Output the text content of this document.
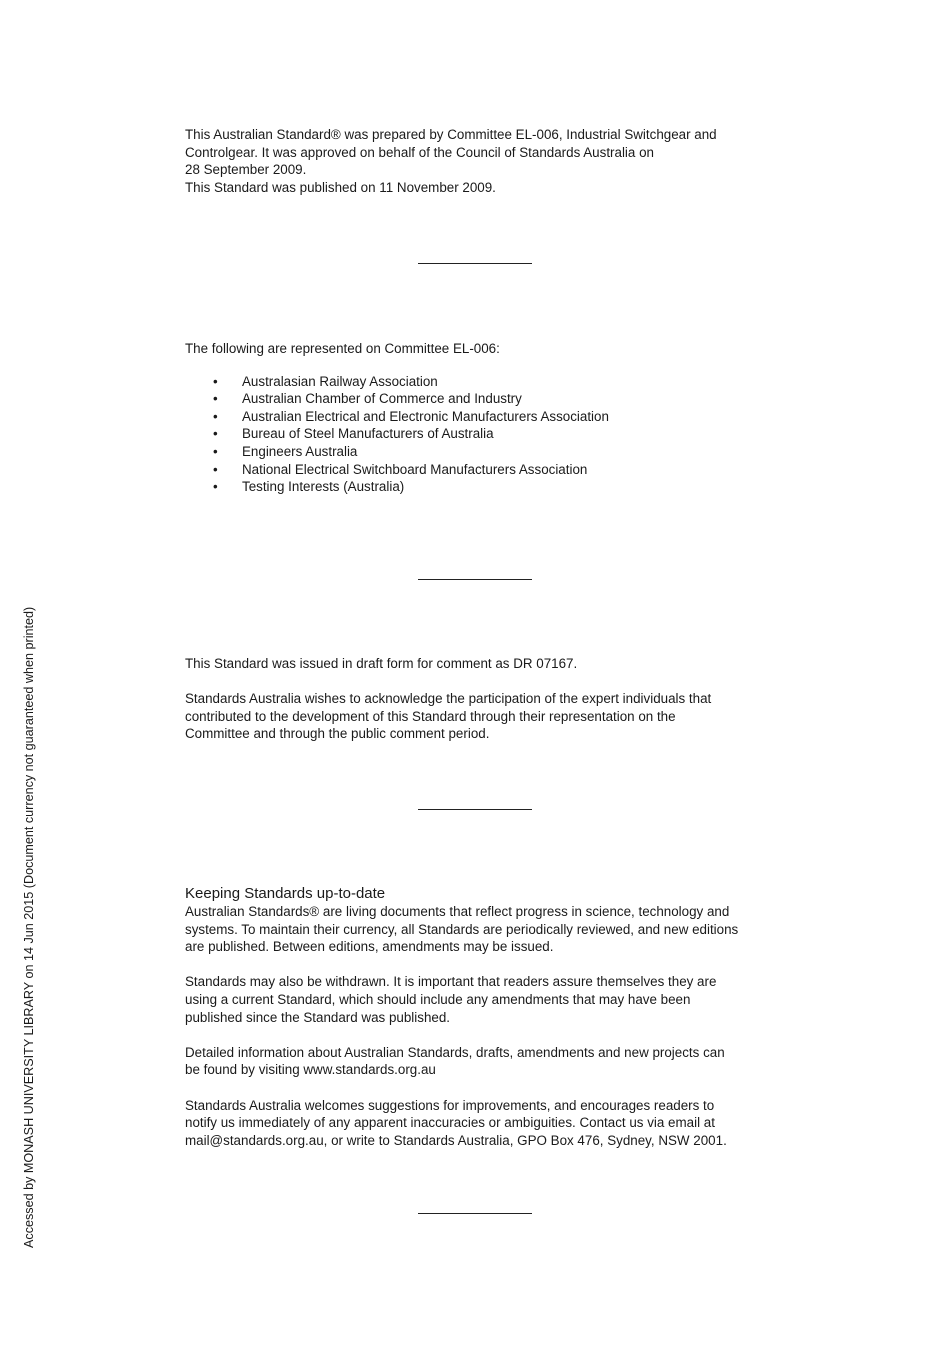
This Australian Standard® was prepared by Committee EL-006, Industrial Switchgear and
Controlgear. It was approved on behalf of the Council of Standards Australia on
28 September 2009.
This Standard was published on 11 November 2009.

The following are represented on Committee EL-006:

• Australasian Railway Association
• Australian Chamber of Commerce and Industry
• Australian Electrical and Electronic Manufacturers Association
• Bureau of Steel Manufacturers of Australia
• Engineers Australia
• National Electrical Switchboard Manufacturers Association
• Testing Interests (Australia)

This Standard was issued in draft form for comment as DR 07167.

Standards Australia wishes to acknowledge the participation of the expert individuals that
contributed to the development of this Standard through their representation on the
Committee and through the public comment period.

Keeping Standards up-to-date

Australian Standards® are living documents that reflect progress in science, technology and
systems. To maintain their currency, all Standards are periodically reviewed, and new editions
are published. Between editions, amendments may be issued.

Standards may also be withdrawn. It is important that readers assure themselves they are
using a current Standard, which should include any amendments that may have been
published since the Standard was published.

Detailed information about Australian Standards, drafts, amendments and new projects can
be found by visiting www.standards.org.au

Standards Australia welcomes suggestions for improvements, and encourages readers to
notify us immediately of any apparent inaccuracies or ambiguities. Contact us via email at
mail@standards.org.au, or write to Standards Australia, GPO Box 476, Sydney, NSW 2001.

Accessed by MONASH UNIVERSITY LIBRARY on 14 Jun 2015 (Document currency not guaranteed when printed)
